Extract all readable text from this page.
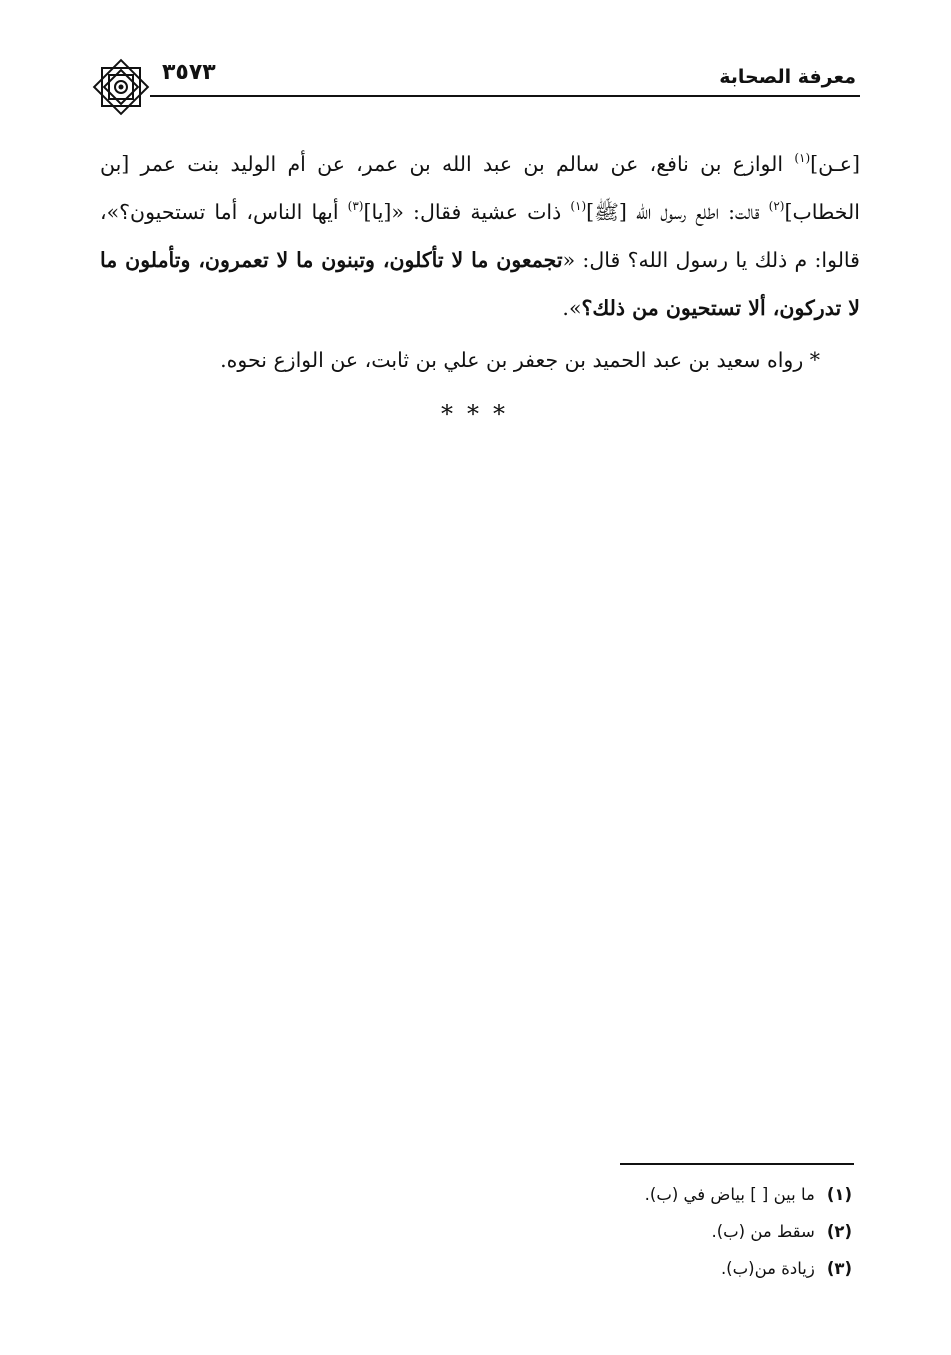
٣٥٧٣	معرفة الصحابة

[عـن]$^{(١)}$ الوازع بن نافع، عن سالم بن عبد الله بن عمر، عن أم الوليد بنت عمر [بن الخطاب]$^{(٢)}$ قالت: اطلع رسول الله [ﷺ]$^{(١)}$ ذات عشية فقال: «[يا]$^{(٣)}$ أيها الناس، أما تستحيون؟»، قالوا: م ذلك يا رسول الله؟ قال: «تجمعون ما لا تأكلون، وتبنون ما لا تعمرون، وتأملون ما لا تدركون، ألا تستحيون من ذلك؟».

* رواه سعيد بن عبد الحميد بن جعفر بن علي بن ثابت، عن الوازع نحوه.
***
(١)ما بين [ ] بياض في (ب).
(٢)سقط من (ب).
(٣)زيادة من(ب).
